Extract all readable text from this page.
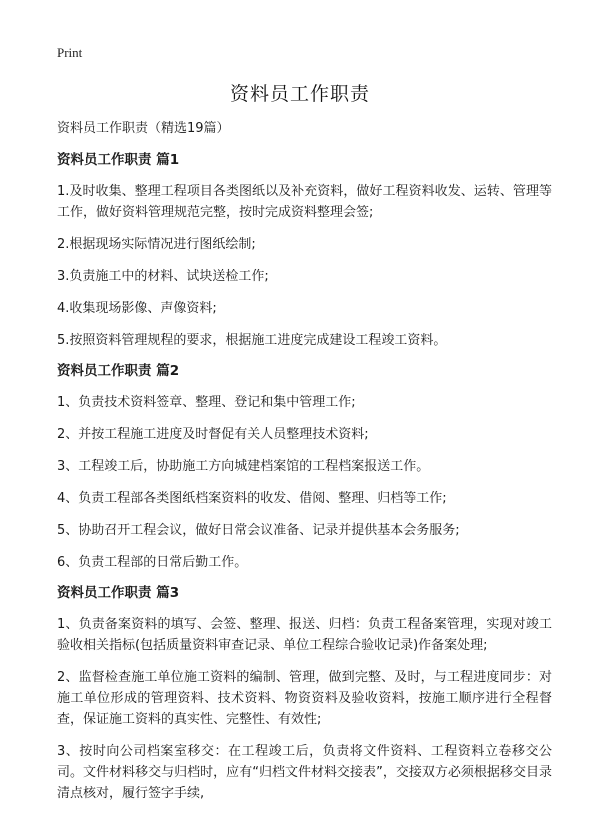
Print
资料员工作职责
资料员工作职责（精选19篇）
资料员工作职责 篇1
1.及时收集、整理工程项目各类图纸以及补充资料，做好工程资料收发、运转、管理等工作，做好资料管理规范完整，按时完成资料整理会签;
2.根据现场实际情况进行图纸绘制;
3.负责施工中的材料、试块送检工作;
4.收集现场影像、声像资料;
5.按照资料管理规程的要求，根据施工进度完成建设工程竣工资料。
资料员工作职责 篇2
1、负责技术资料签章、整理、登记和集中管理工作;
2、并按工程施工进度及时督促有关人员整理技术资料;
3、工程竣工后，协助施工方向城建档案馆的工程档案报送工作。
4、负责工程部各类图纸档案资料的收发、借阅、整理、归档等工作;
5、协助召开工程会议，做好日常会议准备、记录并提供基本会务服务;
6、负责工程部的日常后勤工作。
资料员工作职责 篇3
1、负责备案资料的填写、会签、整理、报送、归档：负责工程备案管理，实现对竣工验收相关指标(包括质量资料审查记录、单位工程综合验收记录)作备案处理;
2、监督检查施工单位施工资料的编制、管理，做到完整、及时，与工程进度同步：对施工单位形成的管理资料、技术资料、物资资料及验收资料，按施工顺序进行全程督查，保证施工资料的真实性、完整性、有效性;
3、按时向公司档案室移交：在工程竣工后，负责将文件资料、工程资料立卷移交公司。文件材料移交与归档时，应有“归档文件材料交接表”，交接双方必须根据移交目录清点核对，履行签字手续,
